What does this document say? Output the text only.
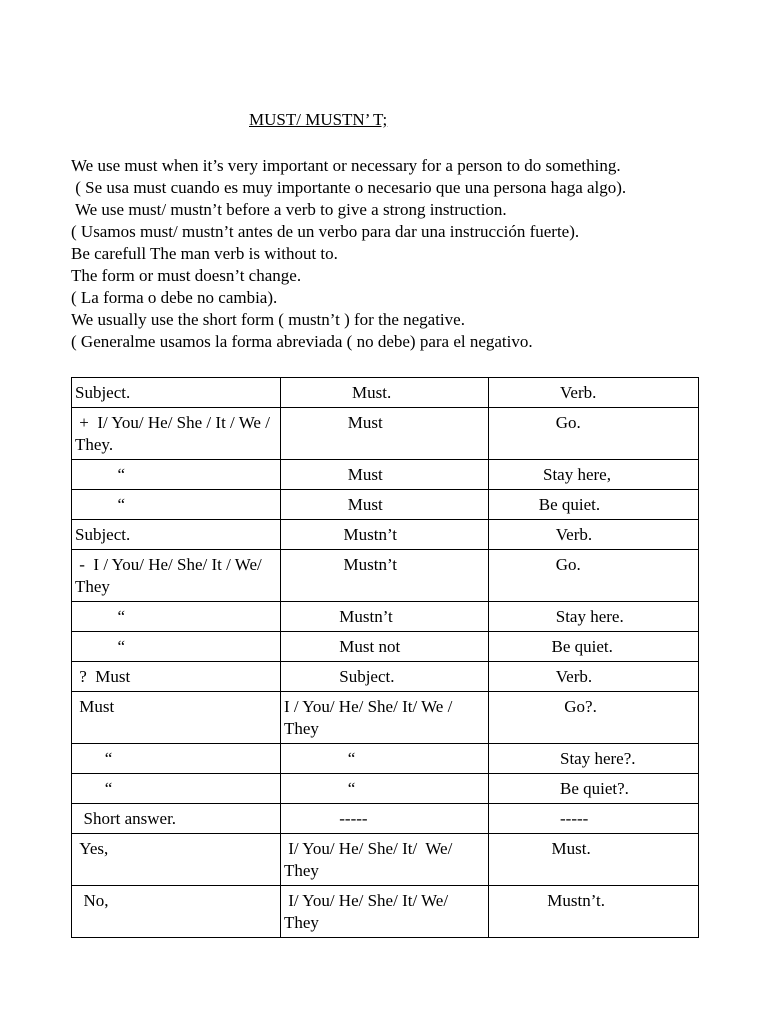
MUST/ MUSTN’ T;
We use must when it’s very important or necessary for a person to do something.
( Se usa must cuando es muy importante o necesario que una persona haga algo).
We use must/ mustn’t before a verb to give a strong instruction.
( Usamos must/ mustn’t antes de un verbo para dar una instrucción fuerte).
Be carefull The man verb is without to.
The form or must doesn’t change.
( La forma o debe no cambia).
We usually use the short form ( mustn’t ) for the negative.
( Generalme usamos la forma abreviada ( no debe) para el negativo.
Subject.	Must.	Verb.
+  I/ You/ He/ She / It / We / They.	Must	Go.
“	Must	Stay here,
“	Must	Be quiet.
Subject.	Mustn’t	Verb.
-  I / You/ He/ She/ It / We/ They	Mustn’t	Go.
“	Mustn’t	Stay here.
“	Must not	Be quiet.
?  Must	Subject.	Verb.
Must	I / You/ He/ She/ It/ We / They	Go?.
“	“	Stay here?.
“	“	Be quiet?.
Short answer.	-----	-----
Yes,	I/ You/ He/ She/ It/  We/ They	Must.
No,	I/ You/ He/ She/ It/ We/ They	Mustn’t.
